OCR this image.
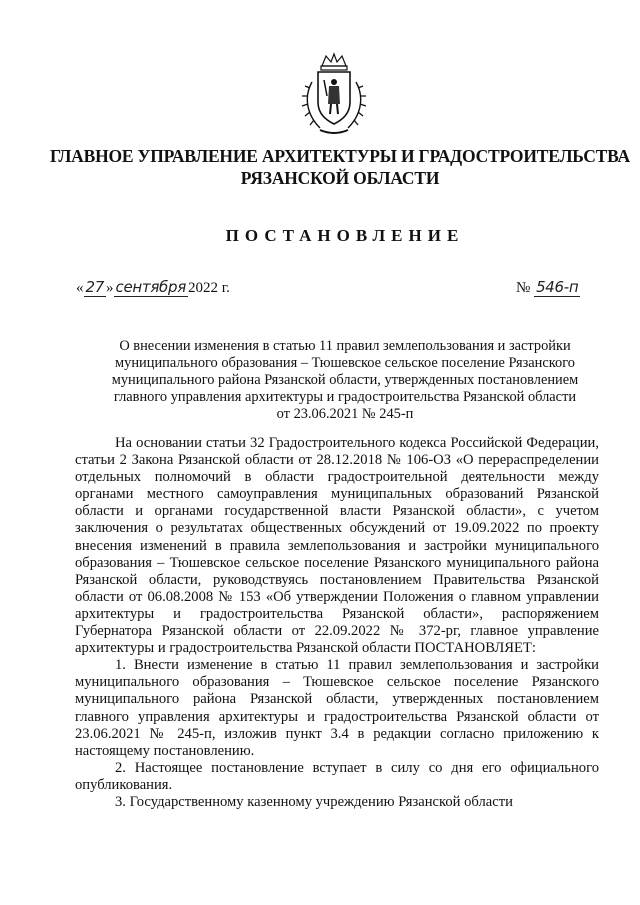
ГЛАВНОЕ УПРАВЛЕНИЕ АРХИТЕКТУРЫ И ГРАДОСТРОИТЕЛЬСТВА
РЯЗАНСКОЙ ОБЛАСТИ
ПОСТАНОВЛЕНИЕ
« 27 » сентября 2022 г.	№ 546-п
О внесении изменения в статью 11 правил землепользования и застройки
муниципального образования – Тюшевское сельское поселение Рязанского
муниципального района Рязанской области, утвержденных постановлением
главного управления архитектуры и градостроительства Рязанской области
от 23.06.2021 № 245-п

На основании статьи 32 Градостроительного кодекса Российской Федерации, статьи 2 Закона Рязанской области от 28.12.2018 № 106-ОЗ «О перераспределении отдельных полномочий в области градостроительной деятельности между органами местного самоуправления муниципальных образований Рязанской области и органами государственной власти Рязанской области», с учетом заключения о результатах общественных обсуждений от 19.09.2022 по проекту внесения изменений в правила землепользования и застройки муниципального образования – Тюшевское сельское поселение Рязанского муниципального района Рязанской области, руководствуясь постановлением Правительства Рязанской области от 06.08.2008 № 153 «Об утверждении Положения о главном управлении архитектуры и градостроительства Рязанской области», распоряжением Губернатора Рязанской области от 22.09.2022 № 372-рг, главное управление архитектуры и градостроительства Рязанской области ПОСТАНОВЛЯЕТ:

1. Внести изменение в статью 11 правил землепользования и застройки муниципального образования – Тюшевское сельское поселение Рязанского муниципального района Рязанской области, утвержденных постановлением главного управления архитектуры и градостроительства Рязанской области от 23.06.2021 № 245-п, изложив пункт 3.4 в редакции согласно приложению к настоящему постановлению.

2. Настоящее постановление вступает в силу со дня его официального опубликования.

3. Государственному казенному учреждению Рязанской области
